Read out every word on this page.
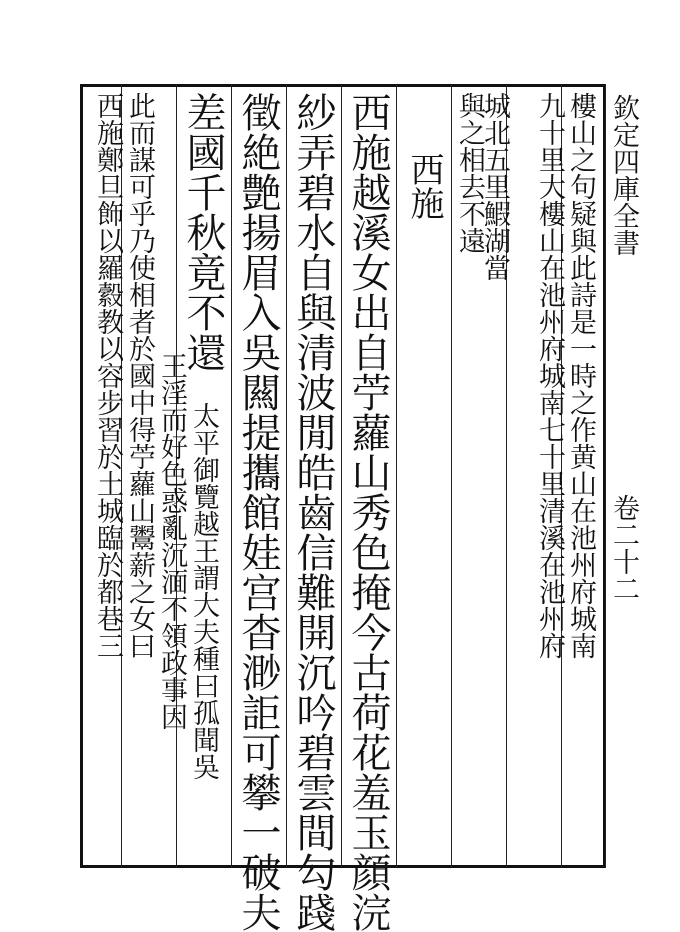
欽定四庫全書
卷二十二
樓山之句疑與此詩是一時之作黄山在池州府城南
九十里大樓山在池州府城南七十里清溪在池州府
城北五里鰕湖當
與之相去不遠
西施
西施越溪女出自苧蘿山秀色掩今古荷花羞玉顔浣
紗弄碧水自與清波閒皓齒信難開沉吟碧雲間勾踐
徵絶艶揚眉入吳闗提攜館娃宫杳渺詎可攀一破夫
差國千秋竟不還
太平御覽越王謂大夫種曰孤聞吳
王淫而好色惑亂沉湎不領政事因
此而謀可乎乃使相者於國中得苧蘿山鬻薪之女曰
西施鄭旦飾以羅縠教以容步習於土城臨於都巷三
